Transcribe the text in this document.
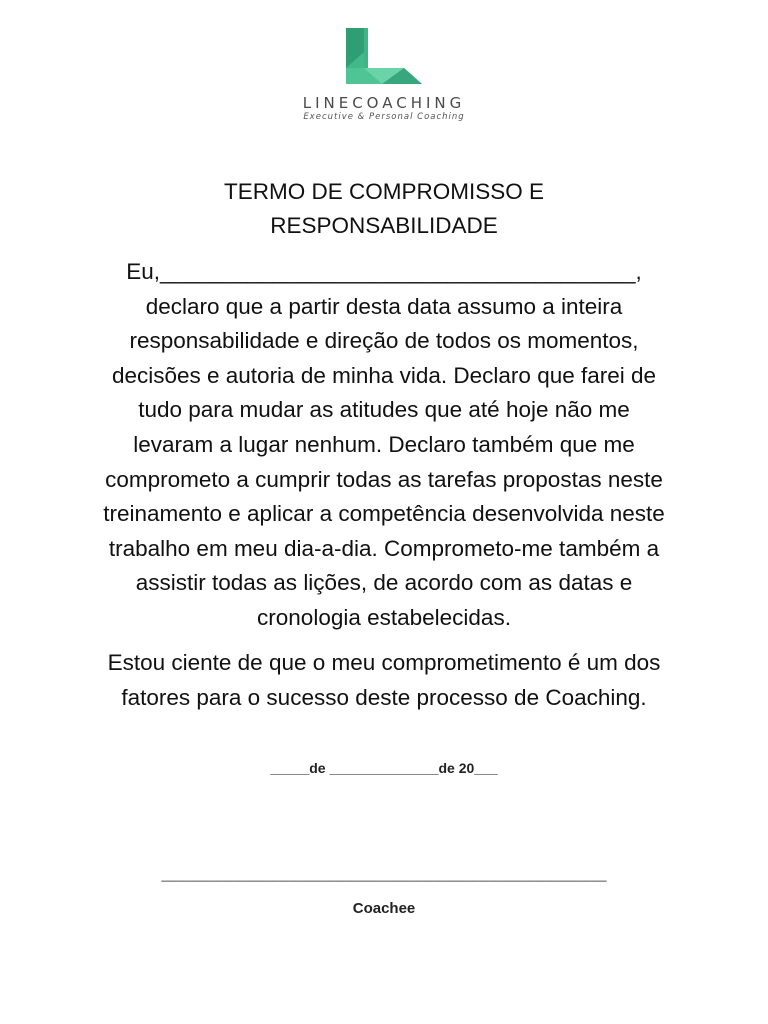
LINECOACHING
Executive & Personal Coaching
TERMO DE COMPROMISSO E
RESPONSABILIDADE
Eu,______________________________________,
declaro que a partir desta data assumo a inteira responsabilidade e direção de todos os momentos, decisões e autoria de minha vida. Declaro que farei de tudo para mudar as atitudes que até hoje não me levaram a lugar nenhum. Declaro também que me comprometo a cumprir todas as tarefas propostas neste treinamento e aplicar a competência desenvolvida neste trabalho em meu dia-a-dia. Comprometo-me também a assistir todas as lições, de acordo com as datas e cronologia estabelecidas.
Estou ciente de que o meu comprometimento é um dos fatores para o sucesso deste processo de Coaching.
_____de ______________de 20___
________________________________________
Coachee
